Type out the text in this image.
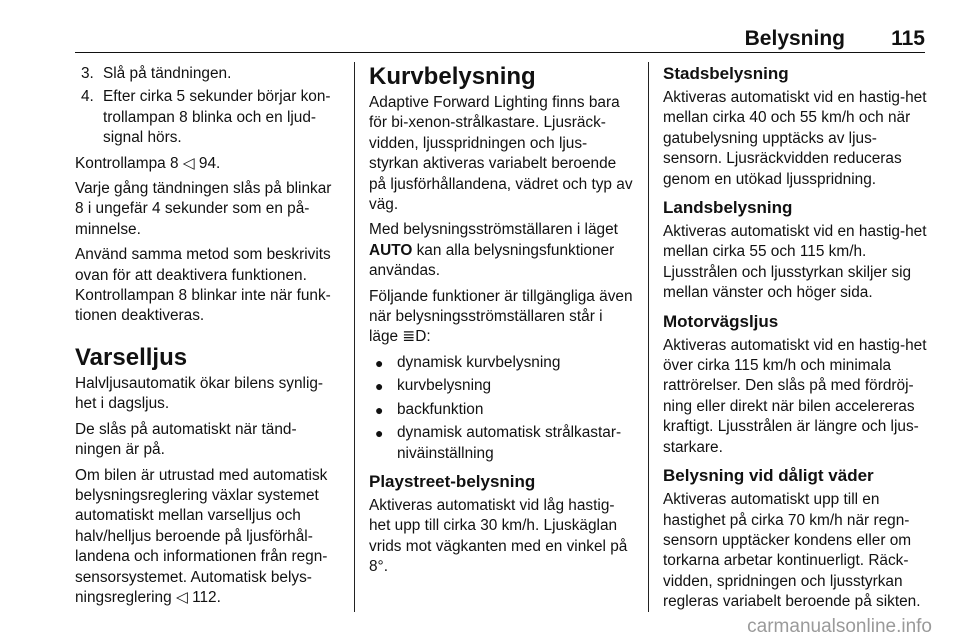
Belysning 115
3. Slå på tändningen.
4. Efter cirka 5 sekunder börjar kon-trollampan 8 blinka och en ljud-signal hörs.

Kontrollampa 8 ◁ 94.

Varje gång tändningen slås på blinkar 8 i ungefär 4 sekunder som en på-minnelse.

Använd samma metod som beskrivits ovan för att deaktivera funktionen. Kontrollampan 8 blinkar inte när funk-tionen deaktiveras.

Varselljus

Halvljusautomatik ökar bilens synlig-het i dagsljus.

De slås på automatiskt när tänd-ningen är på.

Om bilen är utrustad med automatisk belysningsreglering växlar systemet automatiskt mellan varselljus och halv/helljus beroende på ljusförhål-landena och informationen från regn-sensorsystemet. Automatisk belys-ningsreglering ◁ 112.

Kurvbelysning

Adaptive Forward Lighting finns bara för bi-xenon-strålkastare. Ljusräck-vidden, ljusspridningen och ljus-styrkan aktiveras variabelt beroende på ljusförhållandena, vädret och typ av väg.

Med belysningsströmställaren i läget
AUTO kan alla belysningsfunktioner användas.

Följande funktioner är tillgängliga även när belysningsströmställaren står i läge ≣D:

● dynamisk kurvbelysning
● kurvbelysning
● backfunktion
● dynamisk automatisk strålkastar-niväinställning
Playstreet-belysning

Aktiveras automatiskt vid låg hastig-het upp till cirka 30 km/h. Ljuskäglan vrids mot vägkanten med en vinkel på 8°.

Stadsbelysning

Aktiveras automatiskt vid en hastig-het mellan cirka 40 och 55 km/h och när gatubelysning upptäcks av ljus-sensorn. Ljusräckvidden reduceras genom en utökad ljusspridning.

Landsbelysning

Aktiveras automatiskt vid en hastig-het mellan cirka 55 och 115 km/h. Ljusstrålen och ljusstyrkan skiljer sig mellan vänster och höger sida.

Motorvägsljus

Aktiveras automatiskt vid en hastig-het över cirka 115 km/h och minimala rattrörelser. Den slås på med fördröj-ning eller direkt när bilen accelereras kraftigt. Ljusstrålen är längre och ljus-starkare.

Belysning vid dåligt väder

Aktiveras automatiskt upp till en hastighet på cirka 70 km/h när regn-sensorn upptäcker kondens eller om torkarna arbetar kontinuerligt. Räck-vidden, spridningen och ljusstyrkan regleras variabelt beroende på sikten.

carmanualsonline.info
